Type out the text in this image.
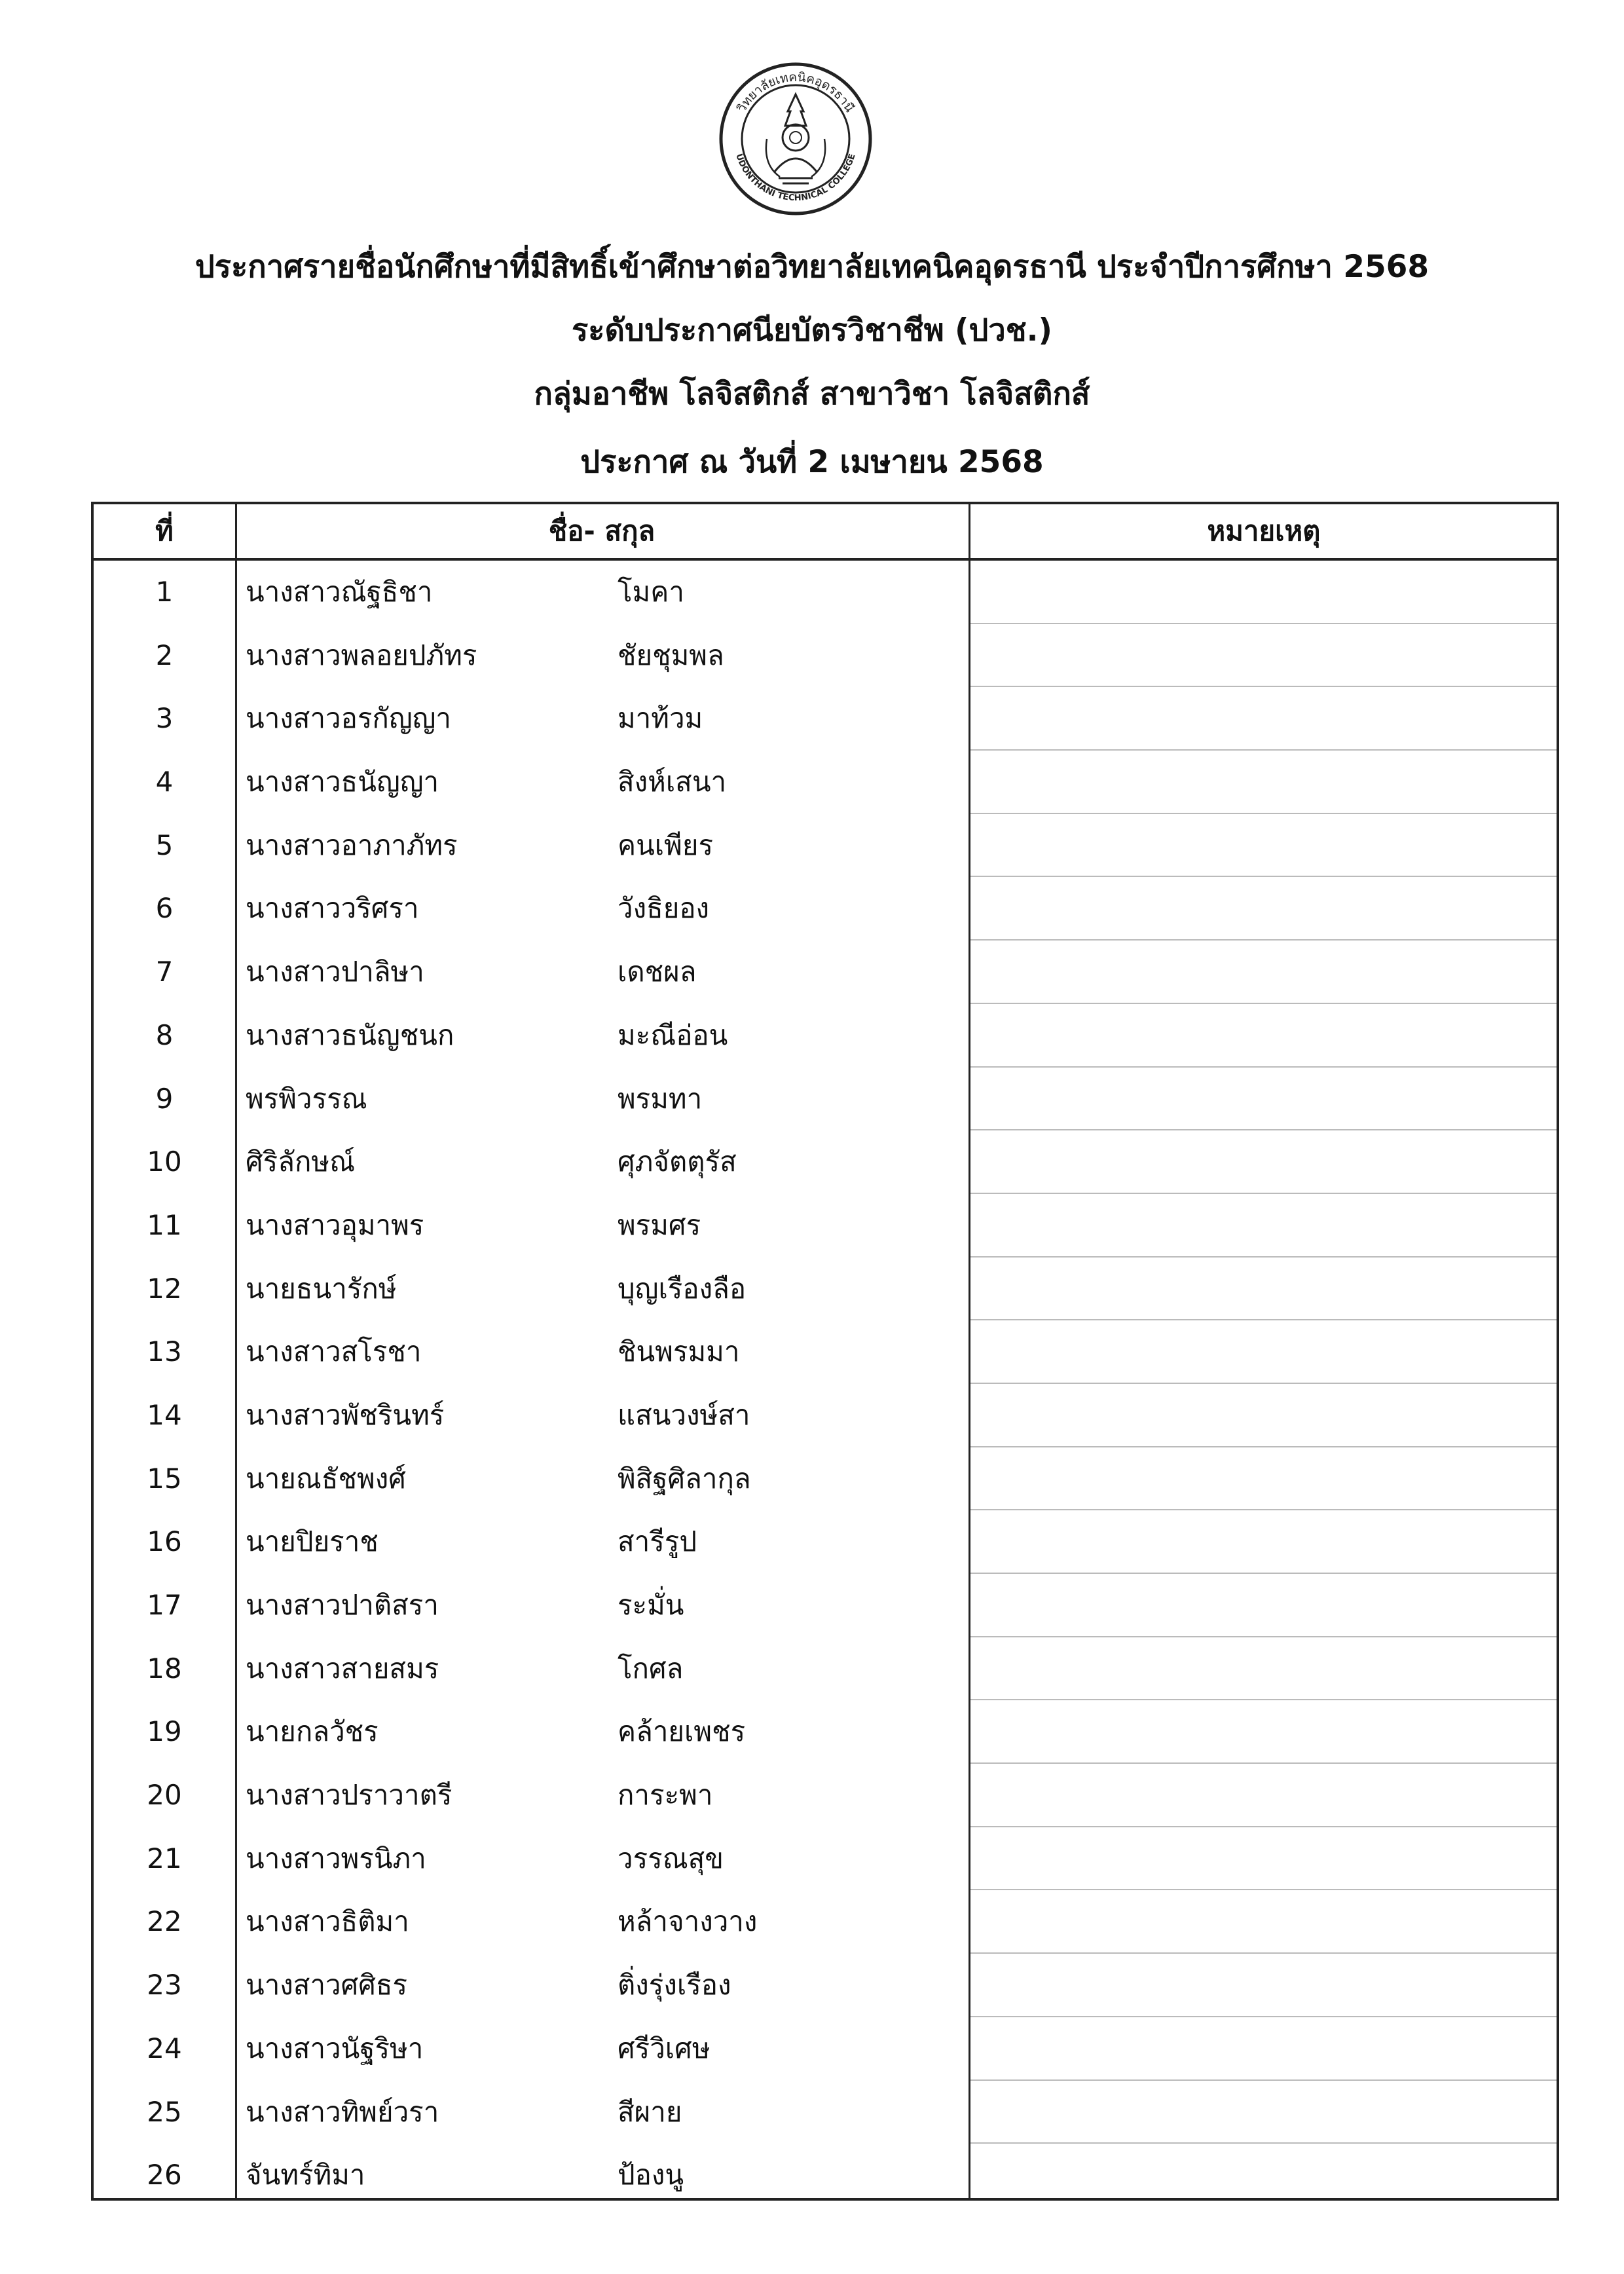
วิทยาลัยเทคนิคอุดรธานี
UDONTHANI TECHNICAL COLLEGE
ประกาศรายชื่อนักศึกษาที่มีสิทธิ์เข้าศึกษาต่อวิทยาลัยเทคนิคอุดรธานี ประจำปีการศึกษา 2568
ระดับประกาศนียบัตรวิชาชีพ (ปวช.)
กลุ่มอาชีพ โลจิสติกส์ สาขาวิชา โลจิสติกส์
ประกาศ ณ วันที่ 2 เมษายน 2568
ที่	ชื่อ- สกุล	หมายเหตุ
1	นางสาวณัฐธิชา	โมคา
2	นางสาวพลอยปภัทร	ชัยชุมพล
3	นางสาวอรกัญญา	มาท้วม
4	นางสาวธนัญญา	สิงห์เสนา
5	นางสาวอาภาภัทร	คนเพียร
6	นางสาววริศรา	วังธิยอง
7	นางสาวปาลิษา	เดชผล
8	นางสาวธนัญชนก	มะณีอ่อน
9	พรพิวรรณ	พรมทา
10	ศิริลักษณ์	ศุภจัตตุรัส
11	นางสาวอุมาพร	พรมศร
12	นายธนารักษ์	บุญเรืองลือ
13	นางสาวสโรชา	ชินพรมมา
14	นางสาวพัชรินทร์	แสนวงษ์สา
15	นายณธัชพงศ์	พิสิฐศิลากุล
16	นายปิยราช	สารีรูป
17	นางสาวปาติสรา	ระมั่น
18	นางสาวสายสมร	โกศล
19	นายกลวัชร	คล้ายเพชร
20	นางสาวปราวาตรี	การะพา
21	นางสาวพรนิภา	วรรณสุข
22	นางสาวธิติมา	หล้าจางวาง
23	นางสาวศศิธร	ติ่งรุ่งเรือง
24	นางสาวนัฐริษา	ศรีวิเศษ
25	นางสาวทิพย์วรา	สีผาย
26	จันทร์ทิมา	ป้องนู
